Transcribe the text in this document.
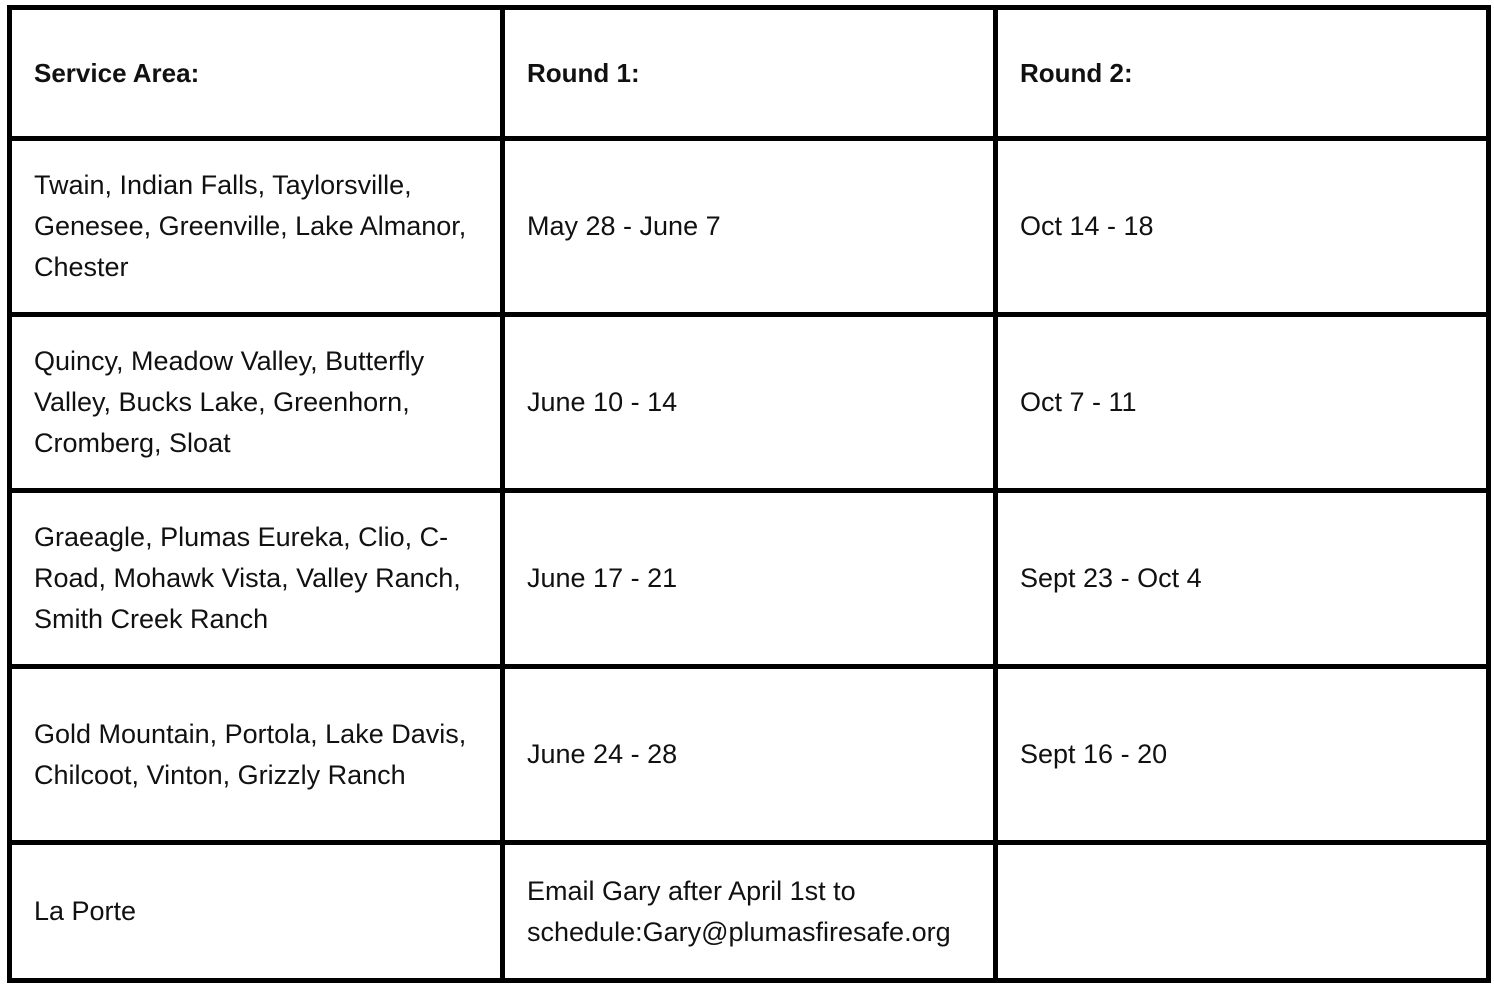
Service Area:	Round 1:	Round 2:

Twain, Indian Falls, Taylorsville, Genesee, Greenville, Lake Almanor, Chester	May 28 - June 7	Oct 14 - 18

Quincy, Meadow Valley, Butterfly Valley, Bucks Lake, Greenhorn, Cromberg, Sloat	June 10 - 14	Oct 7 - 11

Graeagle, Plumas Eureka, Clio, C-Road, Mohawk Vista, Valley Ranch, Smith Creek Ranch	June 17 - 21	Sept 23 - Oct 4

Gold Mountain, Portola, Lake Davis, Chilcoot, Vinton, Grizzly Ranch	June 24 - 28	Sept 16 - 20

La Porte	Email Gary after April 1st to schedule:Gary@plumasfiresafe.org	
